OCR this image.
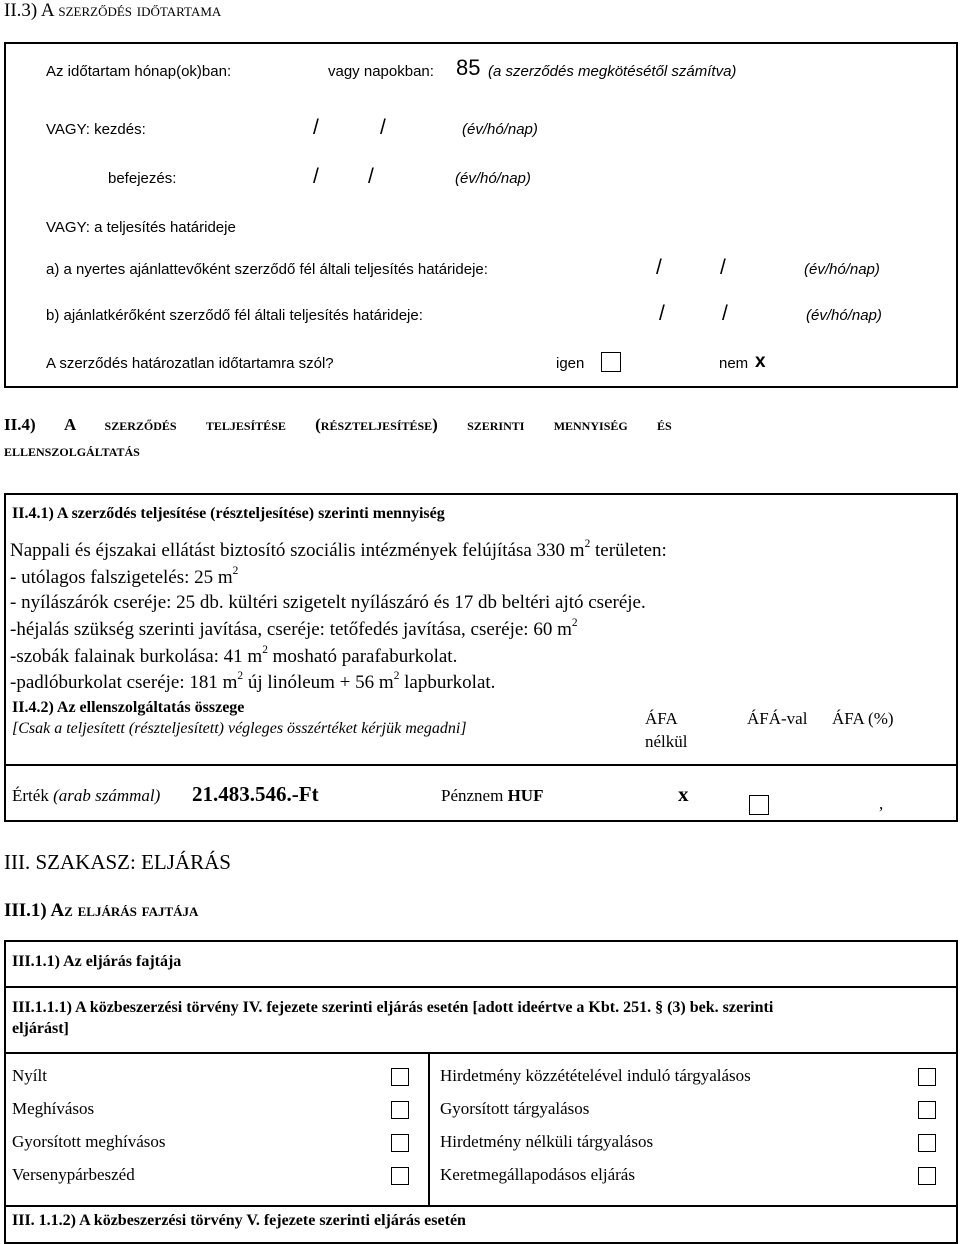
II.3) A szerződés időtartama
Az időtartam hónap(ok)ban:	vagy napokban: 85 (a szerződés megkötésétől számítva)
VAGY: kezdés:	/	/	(év/hó/nap)
befejezés:	/ /	(év/hó/nap)
VAGY: a teljesítés határideje
a) a nyertes ajánlattevőként szerződő fél általi teljesítés határideje:	/	/	(év/hó/nap)
b) ajánlatkérőként szerződő fél általi teljesítés határideje:	/	/	(év/hó/nap)
A szerződés határozatlan időtartamra szól?	igen	nem x
II.4) A szerződés teljesítése (részteljesítése) szerinti mennyiség és
ellenszolgáltatás
II.4.1) A szerződés teljesítése (részteljesítése) szerinti mennyiség
Nappali és éjszakai ellátást biztosító szociális intézmények felújítása 330 $m^2$ területen:
- utólagos falszigetelés: 25 $m^2$
- nyílászárók cseréje: 25 db. kültéri szigetelt nyílászáró és 17 db beltéri ajtó cseréje.
-héjalás szükség szerinti javítása, cseréje: tetőfedés javítása, cseréje: 60 $m^2$
-szobák falainak burkolása: 41 $m^2$ mosható parafaburkolat.
-padlóburkolat cseréje: 181 $m^2$ új linóleum + 56 $m^2$ lapburkolat.
II.4.2) Az ellenszolgáltatás összege
[Csak a teljesített (részteljesített) végleges összértéket kérjük megadni]
ÁFA
nélkül
ÁFÁ-val ÁFA (%)
Érték (arab számmal) 21.483.546.-Ft	Pénznem HUF	x	,
III. SZAKASZ: ELJÁRÁS
III.1) Az eljárás fajtája
III.1.1) Az eljárás fajtája
III.1.1.1) A közbeszerzési törvény IV. fejezete szerinti eljárás esetén [adott ideértve a Kbt. 251. § (3) bek. szerinti
eljárást]
Nyílt
Meghívásos
Gyorsított meghívásos
Versenypárbeszéd
Hirdetmény közzétételével induló tárgyalásos
Gyorsított tárgyalásos
Hirdetmény nélküli tárgyalásos
Keretmegállapodásos eljárás
III. 1.1.2) A közbeszerzési törvény V. fejezete szerinti eljárás esetén
